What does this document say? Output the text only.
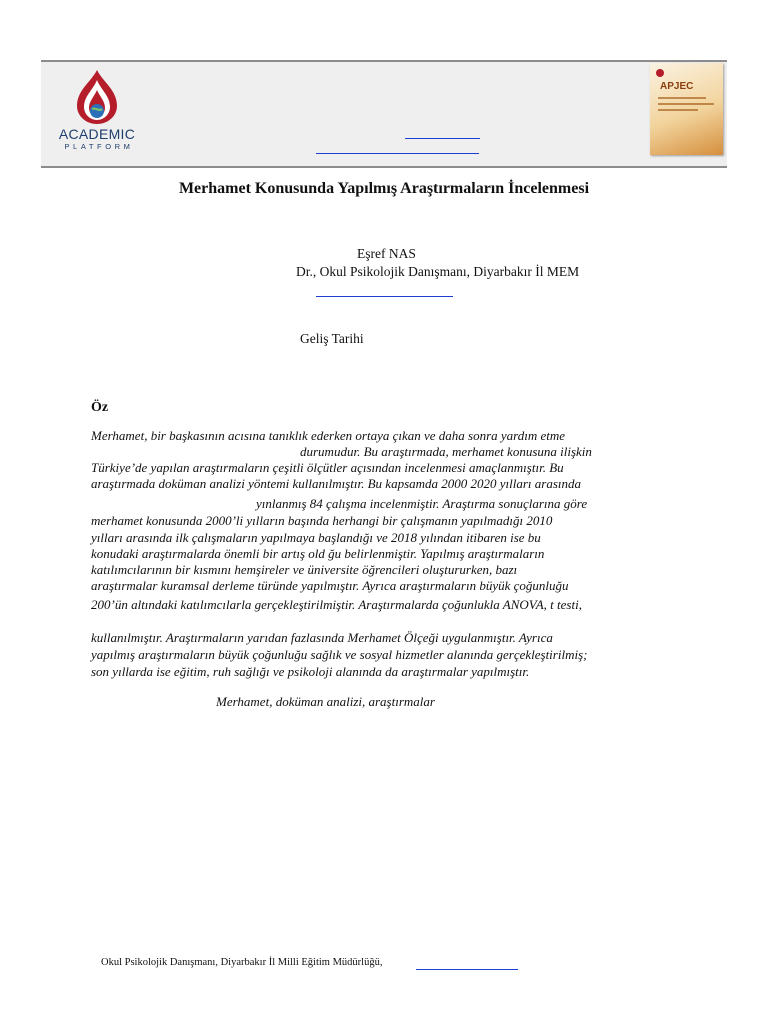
ACADEMIC
PLATFORM
APJEC
Merhamet Konusunda Yapılmış Araştırmaların İncelenmesi
Eşref NAS
Dr., Okul Psikolojik Danışmanı, Diyarbakır İl MEM
Geliş Tarihi
Öz
Merhamet, bir başkasının acısına tanıklık ederken ortaya çıkan ve daha sonra yardım etme
durumudur. Bu araştırmada, merhamet konusuna ilişkin
Türkiye’de yapılan araştırmaların çeşitli ölçütler açısından incelenmesi amaçlanmıştır. Bu
araştırmada doküman analizi yöntemi kullanılmıştır. Bu kapsamda 2000 2020 yılları arasında
yınlanmış 84 çalışma incelenmiştir. Araştırma sonuçlarına göre
merhamet konusunda 2000’li yılların başında herhangi bir çalışmanın yapılmadığı 2010
yılları arasında ilk çalışmaların yapılmaya başlandığı ve 2018 yılından itibaren ise bu
konudaki araştırmalarda önemli bir artış old ğu belirlenmiştir. Yapılmış araştırmaların
katılımcılarının bir kısmını hemşireler ve üniversite öğrencileri oluştururken, bazı
araştırmalar kuramsal derleme türünde yapılmıştır. Ayrıca araştırmaların büyük çoğunluğu
200’ün altındaki katılımcılarla gerçekleştirilmiştir. Araştırmalarda çoğunlukla ANOVA, t testi,
kullanılmıştır. Araştırmaların yarıdan fazlasında Merhamet Ölçeği uygulanmıştır. Ayrıca
yapılmış araştırmaların büyük çoğunluğu sağlık ve sosyal hizmetler alanında gerçekleştirilmiş;
son yıllarda ise eğitim, ruh sağlığı ve psikoloji alanında da araştırmalar yapılmıştır.
Merhamet, doküman analizi, araştırmalar
Okul Psikolojik Danışmanı, Diyarbakır İl Milli Eğitim Müdürlüğü,
